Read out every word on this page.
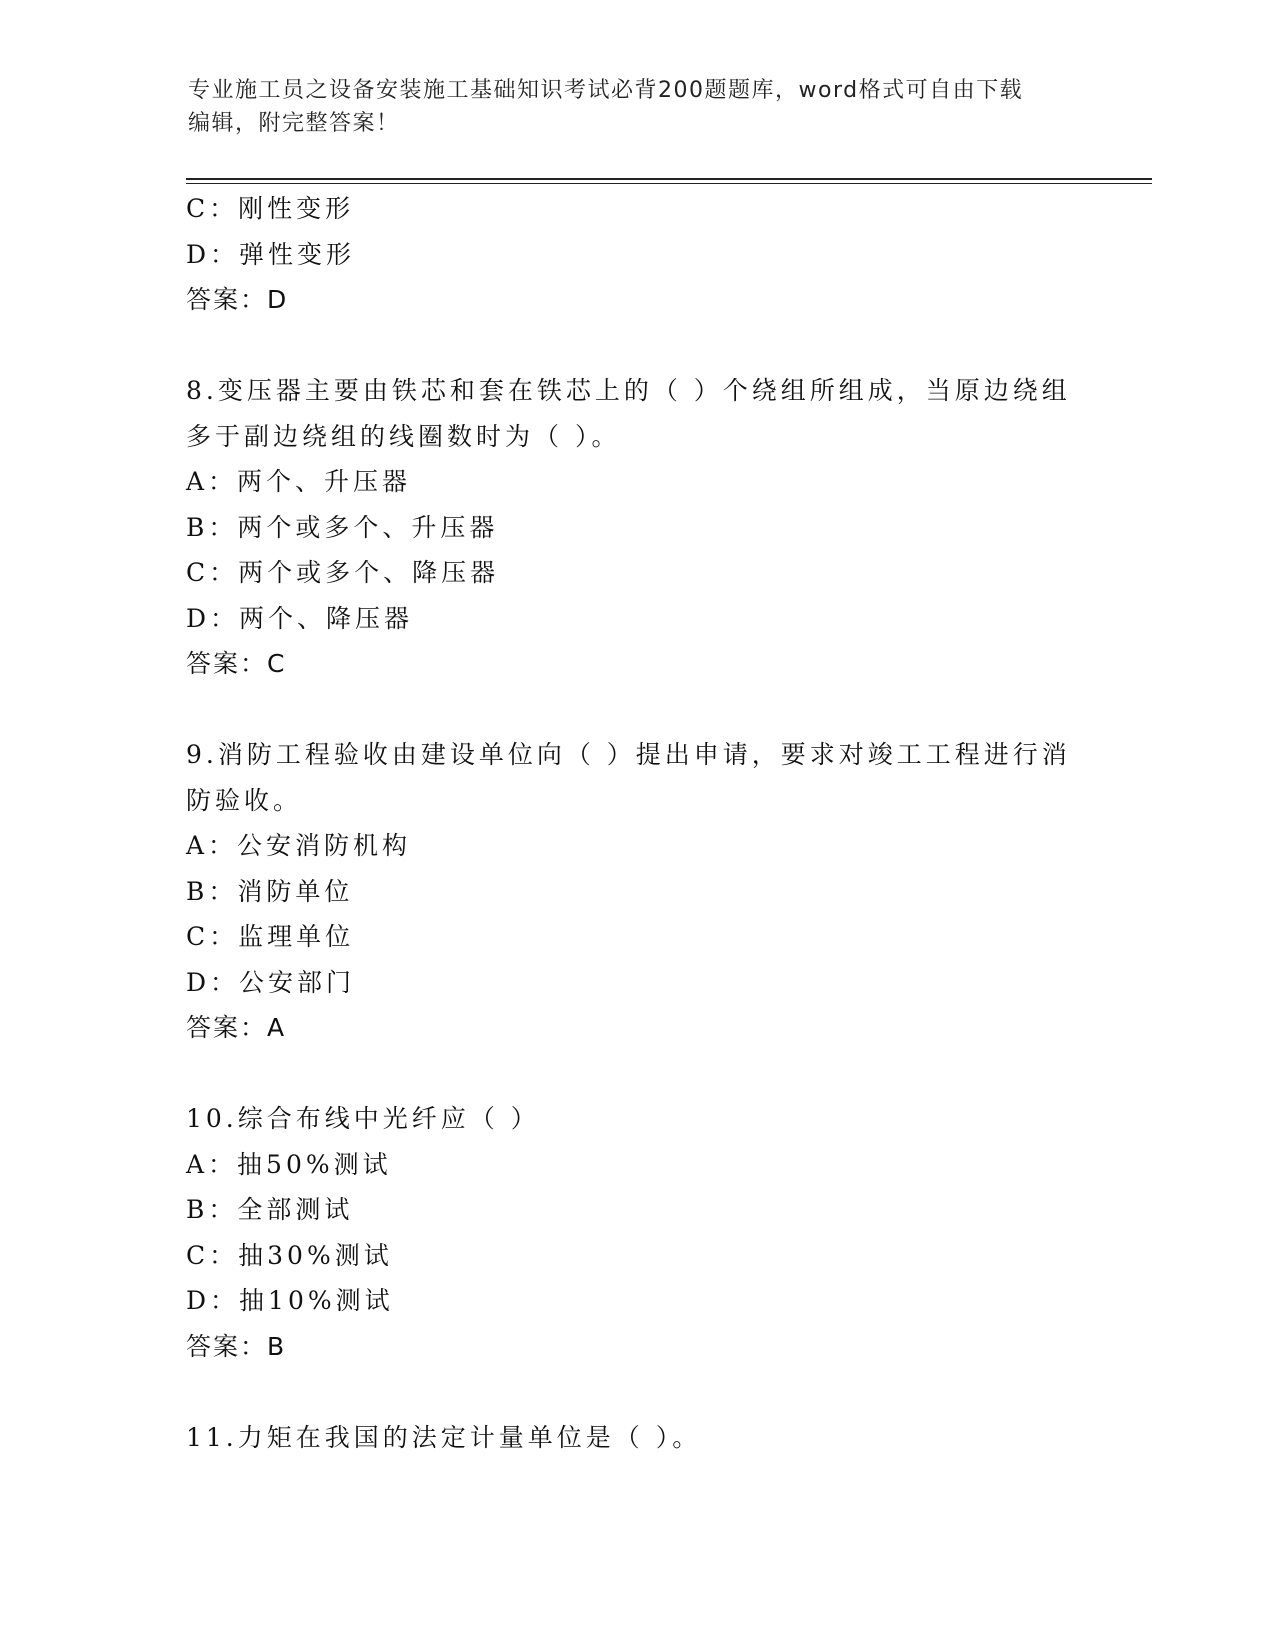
专业施工员之设备安装施工基础知识考试必背200题题库，word格式可自由下载
编辑，附完整答案！
C：刚性变形
D：弹性变形
答案：D
8.变压器主要由铁芯和套在铁芯上的（ ）个绕组所组成，当原边绕组
多于副边绕组的线圈数时为（ ）。
A：两个、升压器
B：两个或多个、升压器
C：两个或多个、降压器
D：两个、降压器
答案：C
9.消防工程验收由建设单位向（ ）提出申请，要求对竣工工程进行消
防验收。
A：公安消防机构
B：消防单位
C：监理单位
D：公安部门
答案：A
10.综合布线中光纤应（ ）
A：抽50%测试
B：全部测试
C：抽30%测试
D：抽10%测试
答案：B
11.力矩在我国的法定计量单位是（ ）。
